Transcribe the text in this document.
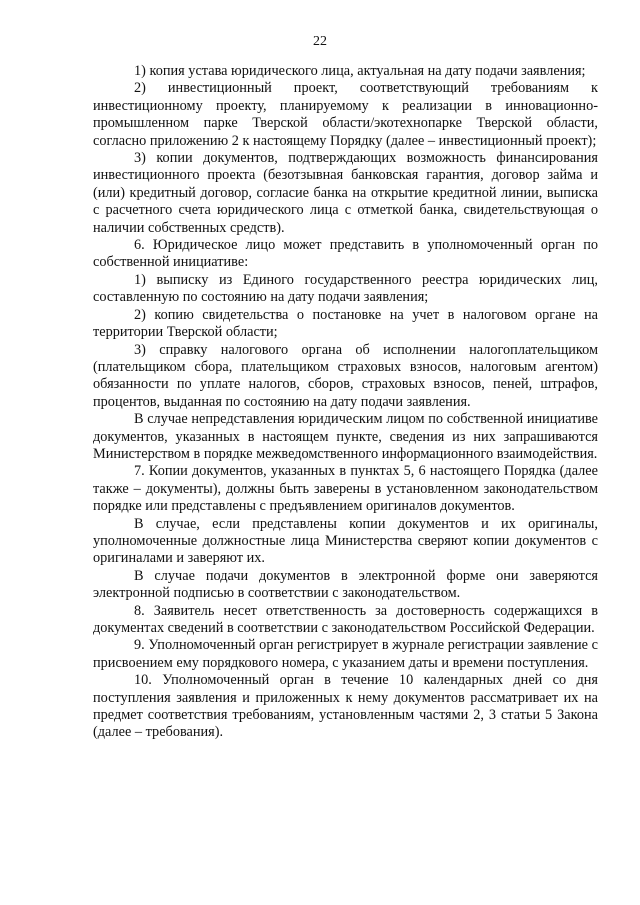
22

1) копия устава юридического лица, актуальная на дату подачи заявления;

2) инвестиционный проект, соответствующий требованиям к инвестиционному проекту, планируемому к реализации в инновационно-промышленном парке Тверской области/экотехнопарке Тверской области, согласно приложению 2 к настоящему Порядку (далее – инвестиционный проект);

3) копии документов, подтверждающих возможность финансирования инвестиционного проекта (безотзывная банковская гарантия, договор займа и (или) кредитный договор, согласие банка на открытие кредитной линии, выписка с расчетного счета юридического лица с отметкой банка, свидетельствующая о наличии собственных средств).

6. Юридическое лицо может представить в уполномоченный орган по собственной инициативе:

1) выписку из Единого государственного реестра юридических лиц, составленную по состоянию на дату подачи заявления;

2) копию свидетельства о постановке на учет в налоговом органе на территории Тверской области;

3) справку налогового органа об исполнении налогоплательщиком (плательщиком сбора, плательщиком страховых взносов, налоговым агентом) обязанности по уплате налогов, сборов, страховых взносов, пеней, штрафов, процентов, выданная по состоянию на дату подачи заявления.

В случае непредставления юридическим лицом по собственной инициативе документов, указанных в настоящем пункте, сведения из них запрашиваются Министерством в порядке межведомственного информационного взаимодействия.

7. Копии документов, указанных в пунктах 5, 6 настоящего Порядка (далее также – документы), должны быть заверены в установленном законодательством порядке или представлены с предъявлением оригиналов документов.

В случае, если представлены копии документов и их оригиналы, уполномоченные должностные лица Министерства сверяют копии документов с оригиналами и заверяют их.

В случае подачи документов в электронной форме они заверяются электронной подписью в соответствии с законодательством.

8. Заявитель несет ответственность за достоверность содержащихся в документах сведений в соответствии с законодательством Российской Федерации.

9. Уполномоченный орган регистрирует в журнале регистрации заявление с присвоением ему порядкового номера, с указанием даты и времени поступления.

10. Уполномоченный орган в течение 10 календарных дней со дня поступления заявления и приложенных к нему документов рассматривает их на предмет соответствия требованиям, установленным частями 2, 3 статьи 5 Закона (далее – требования).
